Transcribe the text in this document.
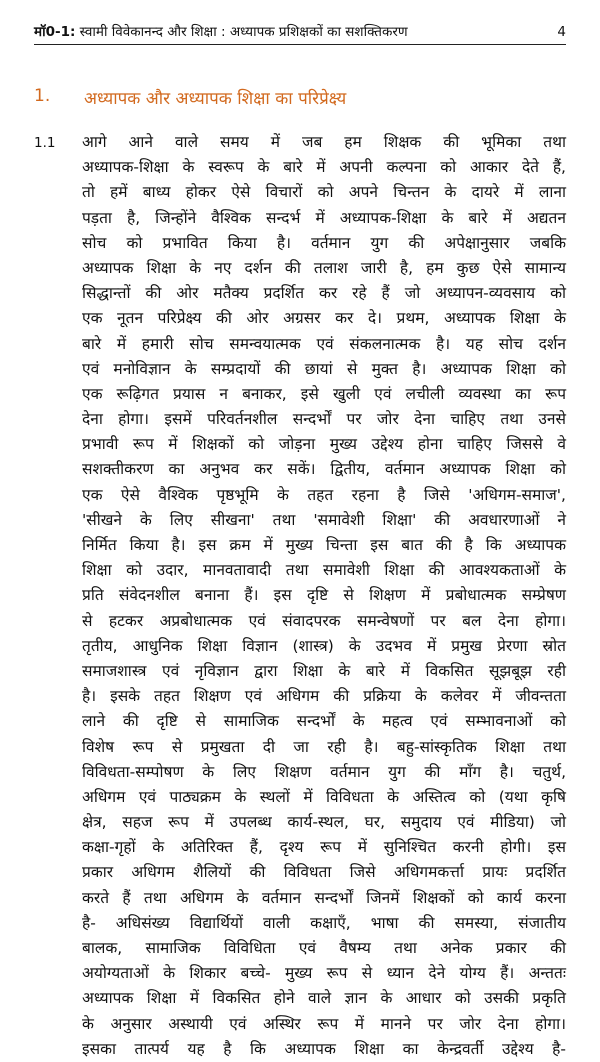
मॉ0-1: स्वामी विवेकानन्द और शिक्षा : अध्यापक प्रशिक्षकों का सशक्तिकरण	4
1.	अध्यापक और अध्यापक शिक्षा का परिप्रेक्ष्य
1.1	आगे आने वाले समय में जब हम शिक्षक की भूमिका तथा
अध्यापक-शिक्षा के स्वरूप के बारे में अपनी कल्पना को आकार देते हैं,
तो हमें बाध्य होकर ऐसे विचारों को अपने चिन्तन के दायरे में लाना
पड़ता है, जिन्होंने वैश्विक सन्दर्भ में अध्यापक-शिक्षा के बारे में अद्यतन
सोच को प्रभावित किया है। वर्तमान युग की अपेक्षानुसार जबकि
अध्यापक शिक्षा के नए दर्शन की तलाश जारी है, हम कुछ ऐसे सामान्य
सिद्धान्तों की ओर मतैक्य प्रदर्शित कर रहे हैं जो अध्यापन-व्यवसाय को
एक नूतन परिप्रेक्ष्य की ओर अग्रसर कर दे। प्रथम, अध्यापक शिक्षा के
बारे में हमारी सोच समन्वयात्मक एवं संकलनात्मक है। यह सोच दर्शन
एवं मनोविज्ञान के सम्प्रदायों की छायां से मुक्त है। अध्यापक शिक्षा को
एक रूढ़िगत प्रयास न बनाकर, इसे खुली एवं लचीली व्यवस्था का रूप
देना होगा। इसमें परिवर्तनशील सन्दर्भों पर जोर देना चाहिए तथा उनसे
प्रभावी रूप में शिक्षकों को जोड़ना मुख्य उद्देश्य होना चाहिए जिससे वे
सशक्तीकरण का अनुभव कर सकें। द्वितीय, वर्तमान अध्यापक शिक्षा को
एक ऐसे वैश्विक पृष्ठभूमि के तहत रहना है जिसे 'अधिगम-समाज',
'सीखने के लिए सीखना' तथा 'समावेशी शिक्षा' की अवधारणाओं ने
निर्मित किया है। इस क्रम में मुख्य चिन्ता इस बात की है कि अध्यापक
शिक्षा को उदार, मानवतावादी तथा समावेशी शिक्षा की आवश्यकताओं के
प्रति संवेदनशील बनाना हैं। इस दृष्टि से शिक्षण में प्रबोधात्मक सम्प्रेषण
से हटकर अप्रबोधात्मक एवं संवादपरक समन्वेषणों पर बल देना होगा।
तृतीय, आधुनिक शिक्षा विज्ञान (शास्त्र) के उदभव में प्रमुख प्रेरणा स्रोत
समाजशास्त्र एवं नृविज्ञान द्वारा शिक्षा के बारे में विकसित सूझबूझ रही
है। इसके तहत शिक्षण एवं अधिगम की प्रक्रिया के कलेवर में जीवन्तता
लाने की दृष्टि से सामाजिक सन्दर्भों के महत्व एवं सम्भावनाओं को
विशेष रूप से प्रमुखता दी जा रही है। बहु-सांस्कृतिक शिक्षा तथा
विविधता-सम्पोषण के लिए शिक्षण वर्तमान युग की माँग है। चतुर्थ,
अधिगम एवं पाठ्यक्रम के स्थलों में विविधता के अस्तित्व को (यथा कृषि
क्षेत्र, सहज रूप में उपलब्ध कार्य-स्थल, घर, समुदाय एवं मीडिया) जो
कक्षा-गृहों के अतिरिक्त हैं, दृश्य रूप में सुनिश्चित करनी होगी। इस
प्रकार अधिगम शैलियों की विविधता जिसे अधिगमकर्त्ता प्रायः प्रदर्शित
करते हैं तथा अधिगम के वर्तमान सन्दर्भों जिनमें शिक्षकों को कार्य करना
है- अधिसंख्य विद्यार्थियों वाली कक्षाएँ, भाषा की समस्या, संजातीय
बालक, सामाजिक विविधिता एवं वैषम्य तथा अनेक प्रकार की
अयोग्यताओं के शिकार बच्चे- मुख्य रूप से ध्यान देने योग्य हैं। अन्ततः
अध्यापक शिक्षा में विकसित होने वाले ज्ञान के आधार को उसकी प्रकृति
के अनुसार अस्थायी एवं अस्थिर रूप में मानने पर जोर देना होगा।
इसका तात्पर्य यह है कि अध्यापक शिक्षा का केन्द्रवर्ती उद्देश्य है-
